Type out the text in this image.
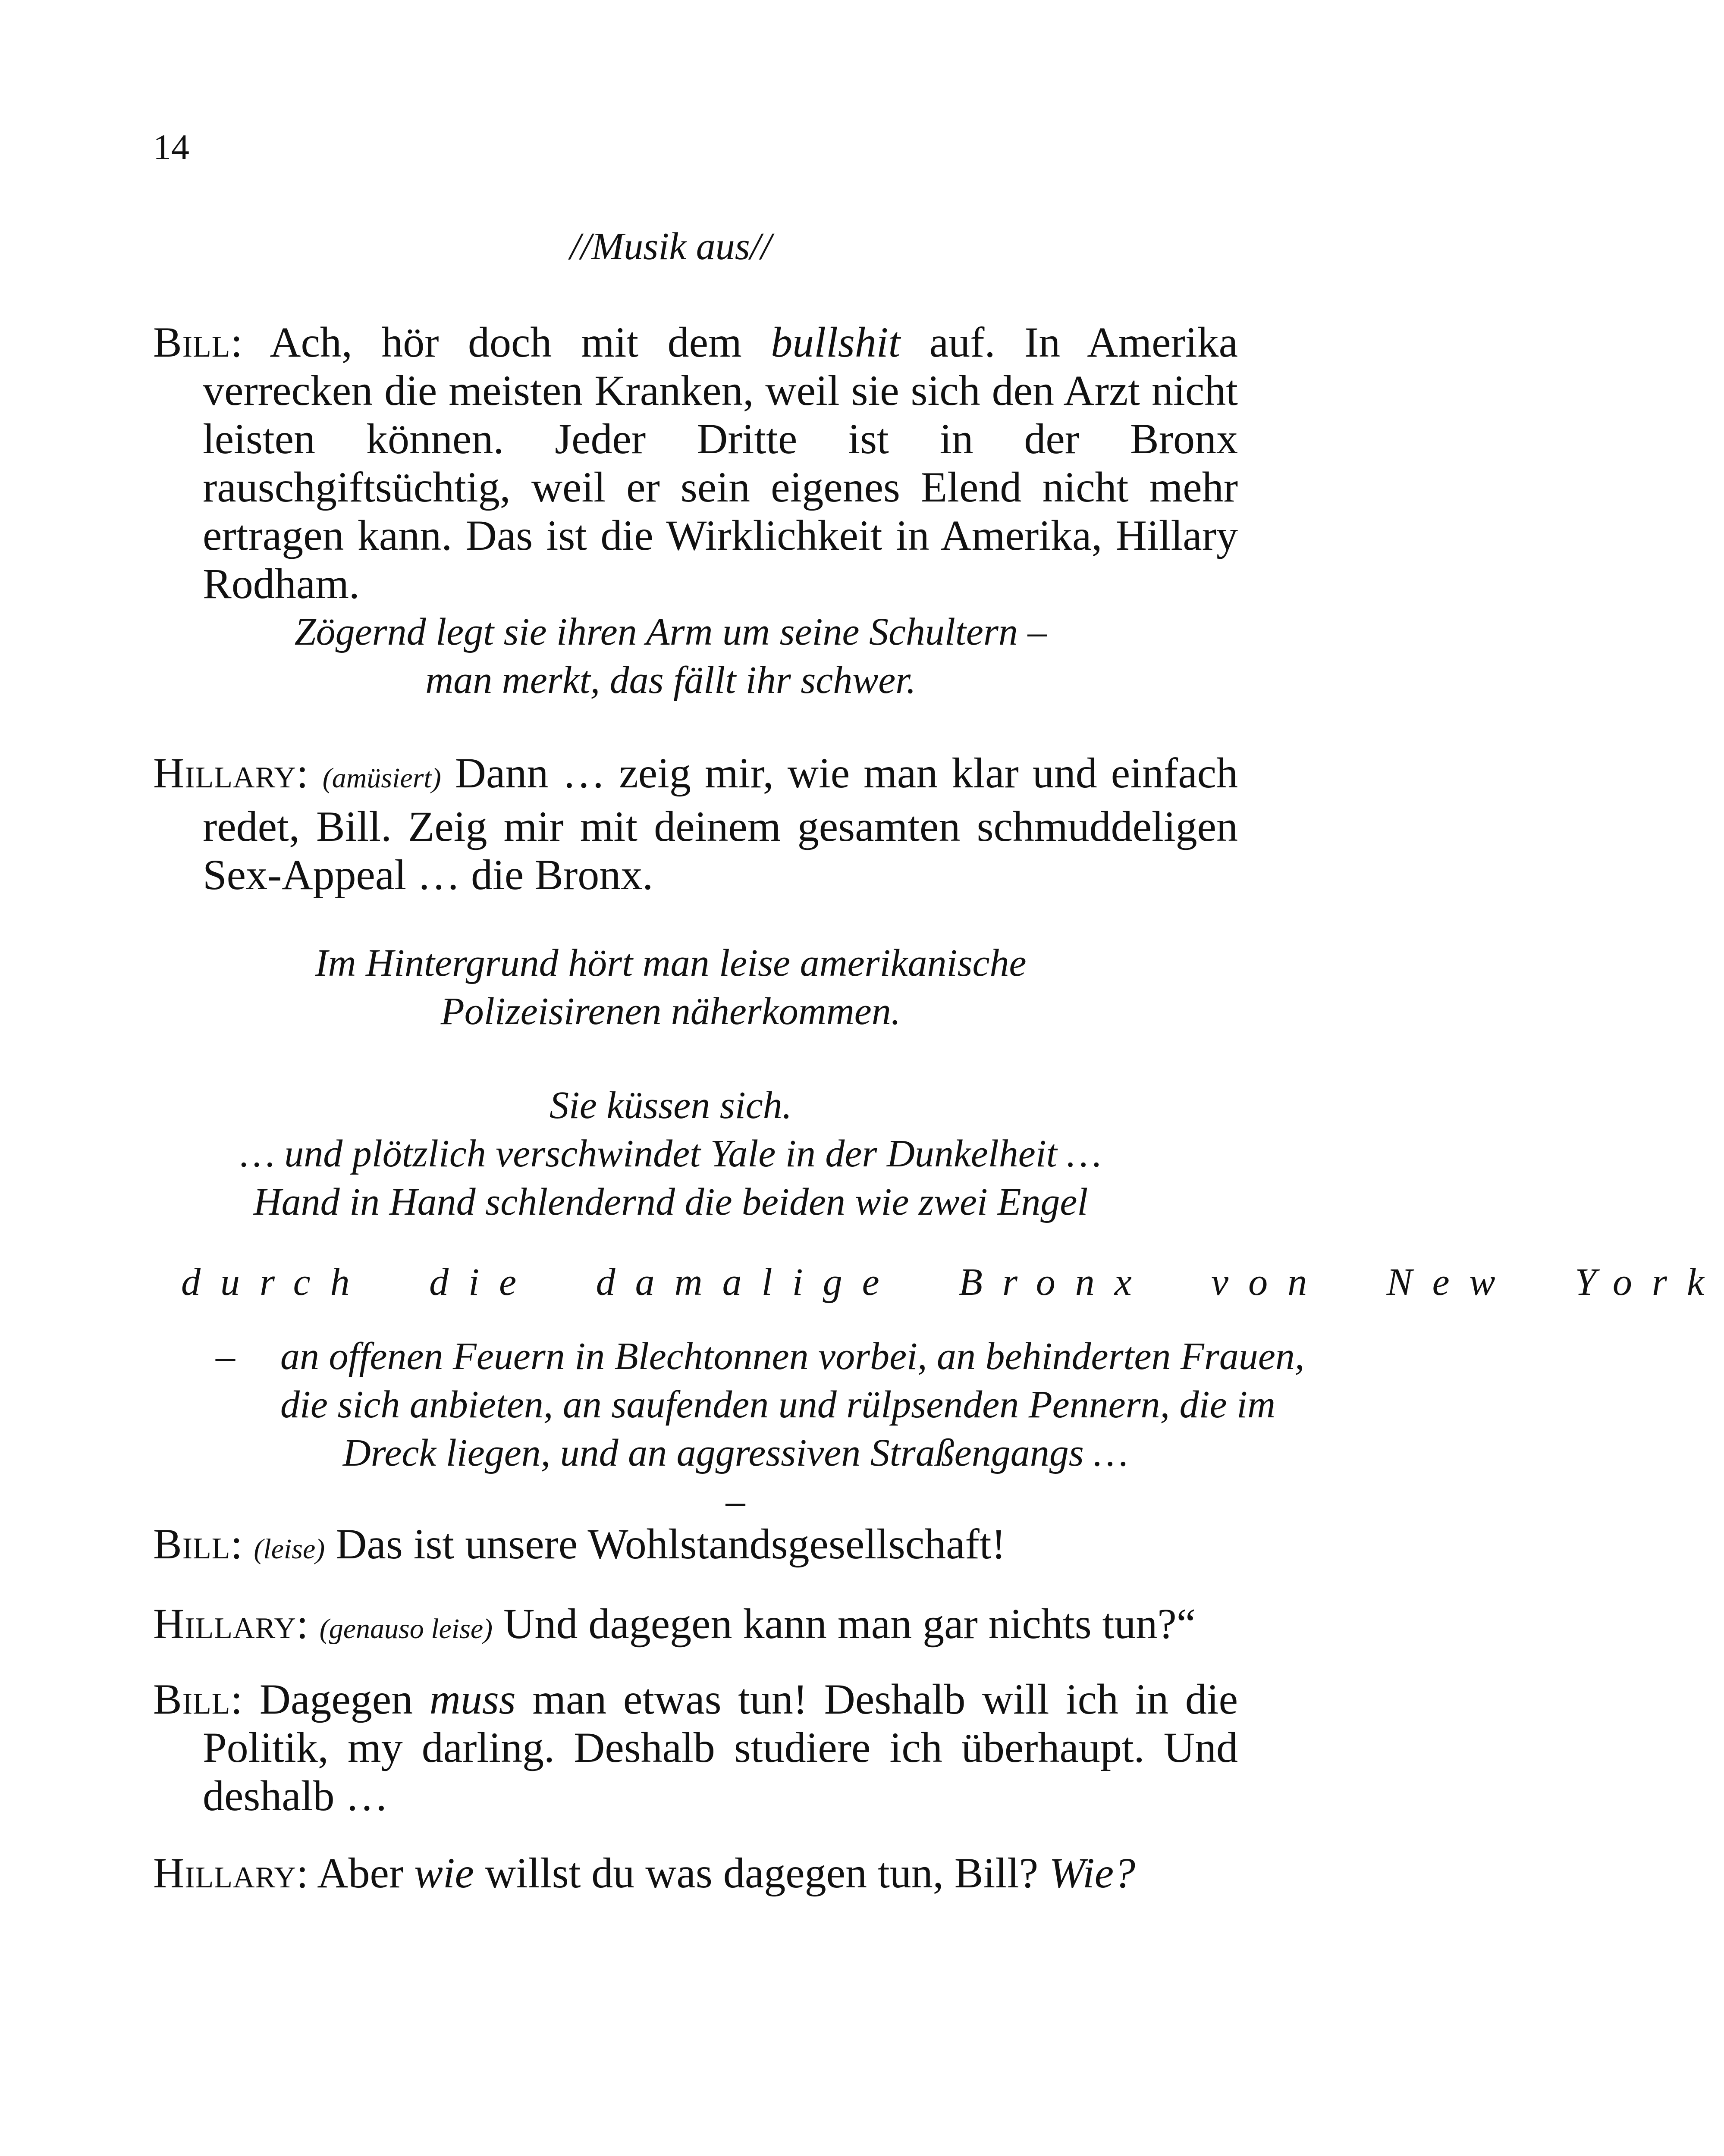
14
//Musik aus//
Bill: Ach, hör doch mit dem bullshit auf. In Amerika verrecken die meisten Kranken, weil sie sich den Arzt nicht leisten können. Jeder Dritte ist in der Bronx rauschgiftsüchtig, weil er sein eigenes Elend nicht mehr ertragen kann. Das ist die Wirklichkeit in Amerika, Hillary Rodham.
Zögernd legt sie ihren Arm um seine Schultern –
man merkt, das fällt ihr schwer.
Hillary: (amüsiert) Dann … zeig mir, wie man klar und einfach redet, Bill. Zeig mir mit deinem gesamten schmuddeligen Sex-Appeal … die Bronx.
Im Hintergrund hört man leise amerikanische
Polizeisirenen näherkommen.
Sie küssen sich.
… und plötzlich verschwindet Yale in der Dunkelheit …
Hand in Hand schlendernd die beiden wie zwei Engel
durch die damalige Bronx von New York
– an offenen Feuern in Blechtonnen vorbei, an behinderten Frauen,
die sich anbieten, an saufenden und rülpsenden Pennern, die im
Dreck liegen, und an aggressiven Straßengangs …
–
Bill: (leise) Das ist unsere Wohlstandsgesellschaft!
Hillary: (genauso leise) Und dagegen kann man gar nichts tun?“
Bill: Dagegen muss man etwas tun! Deshalb will ich in die Politik, my darling. Deshalb studiere ich überhaupt. Und deshalb …
Hillary: Aber wie willst du was dagegen tun, Bill? Wie?
